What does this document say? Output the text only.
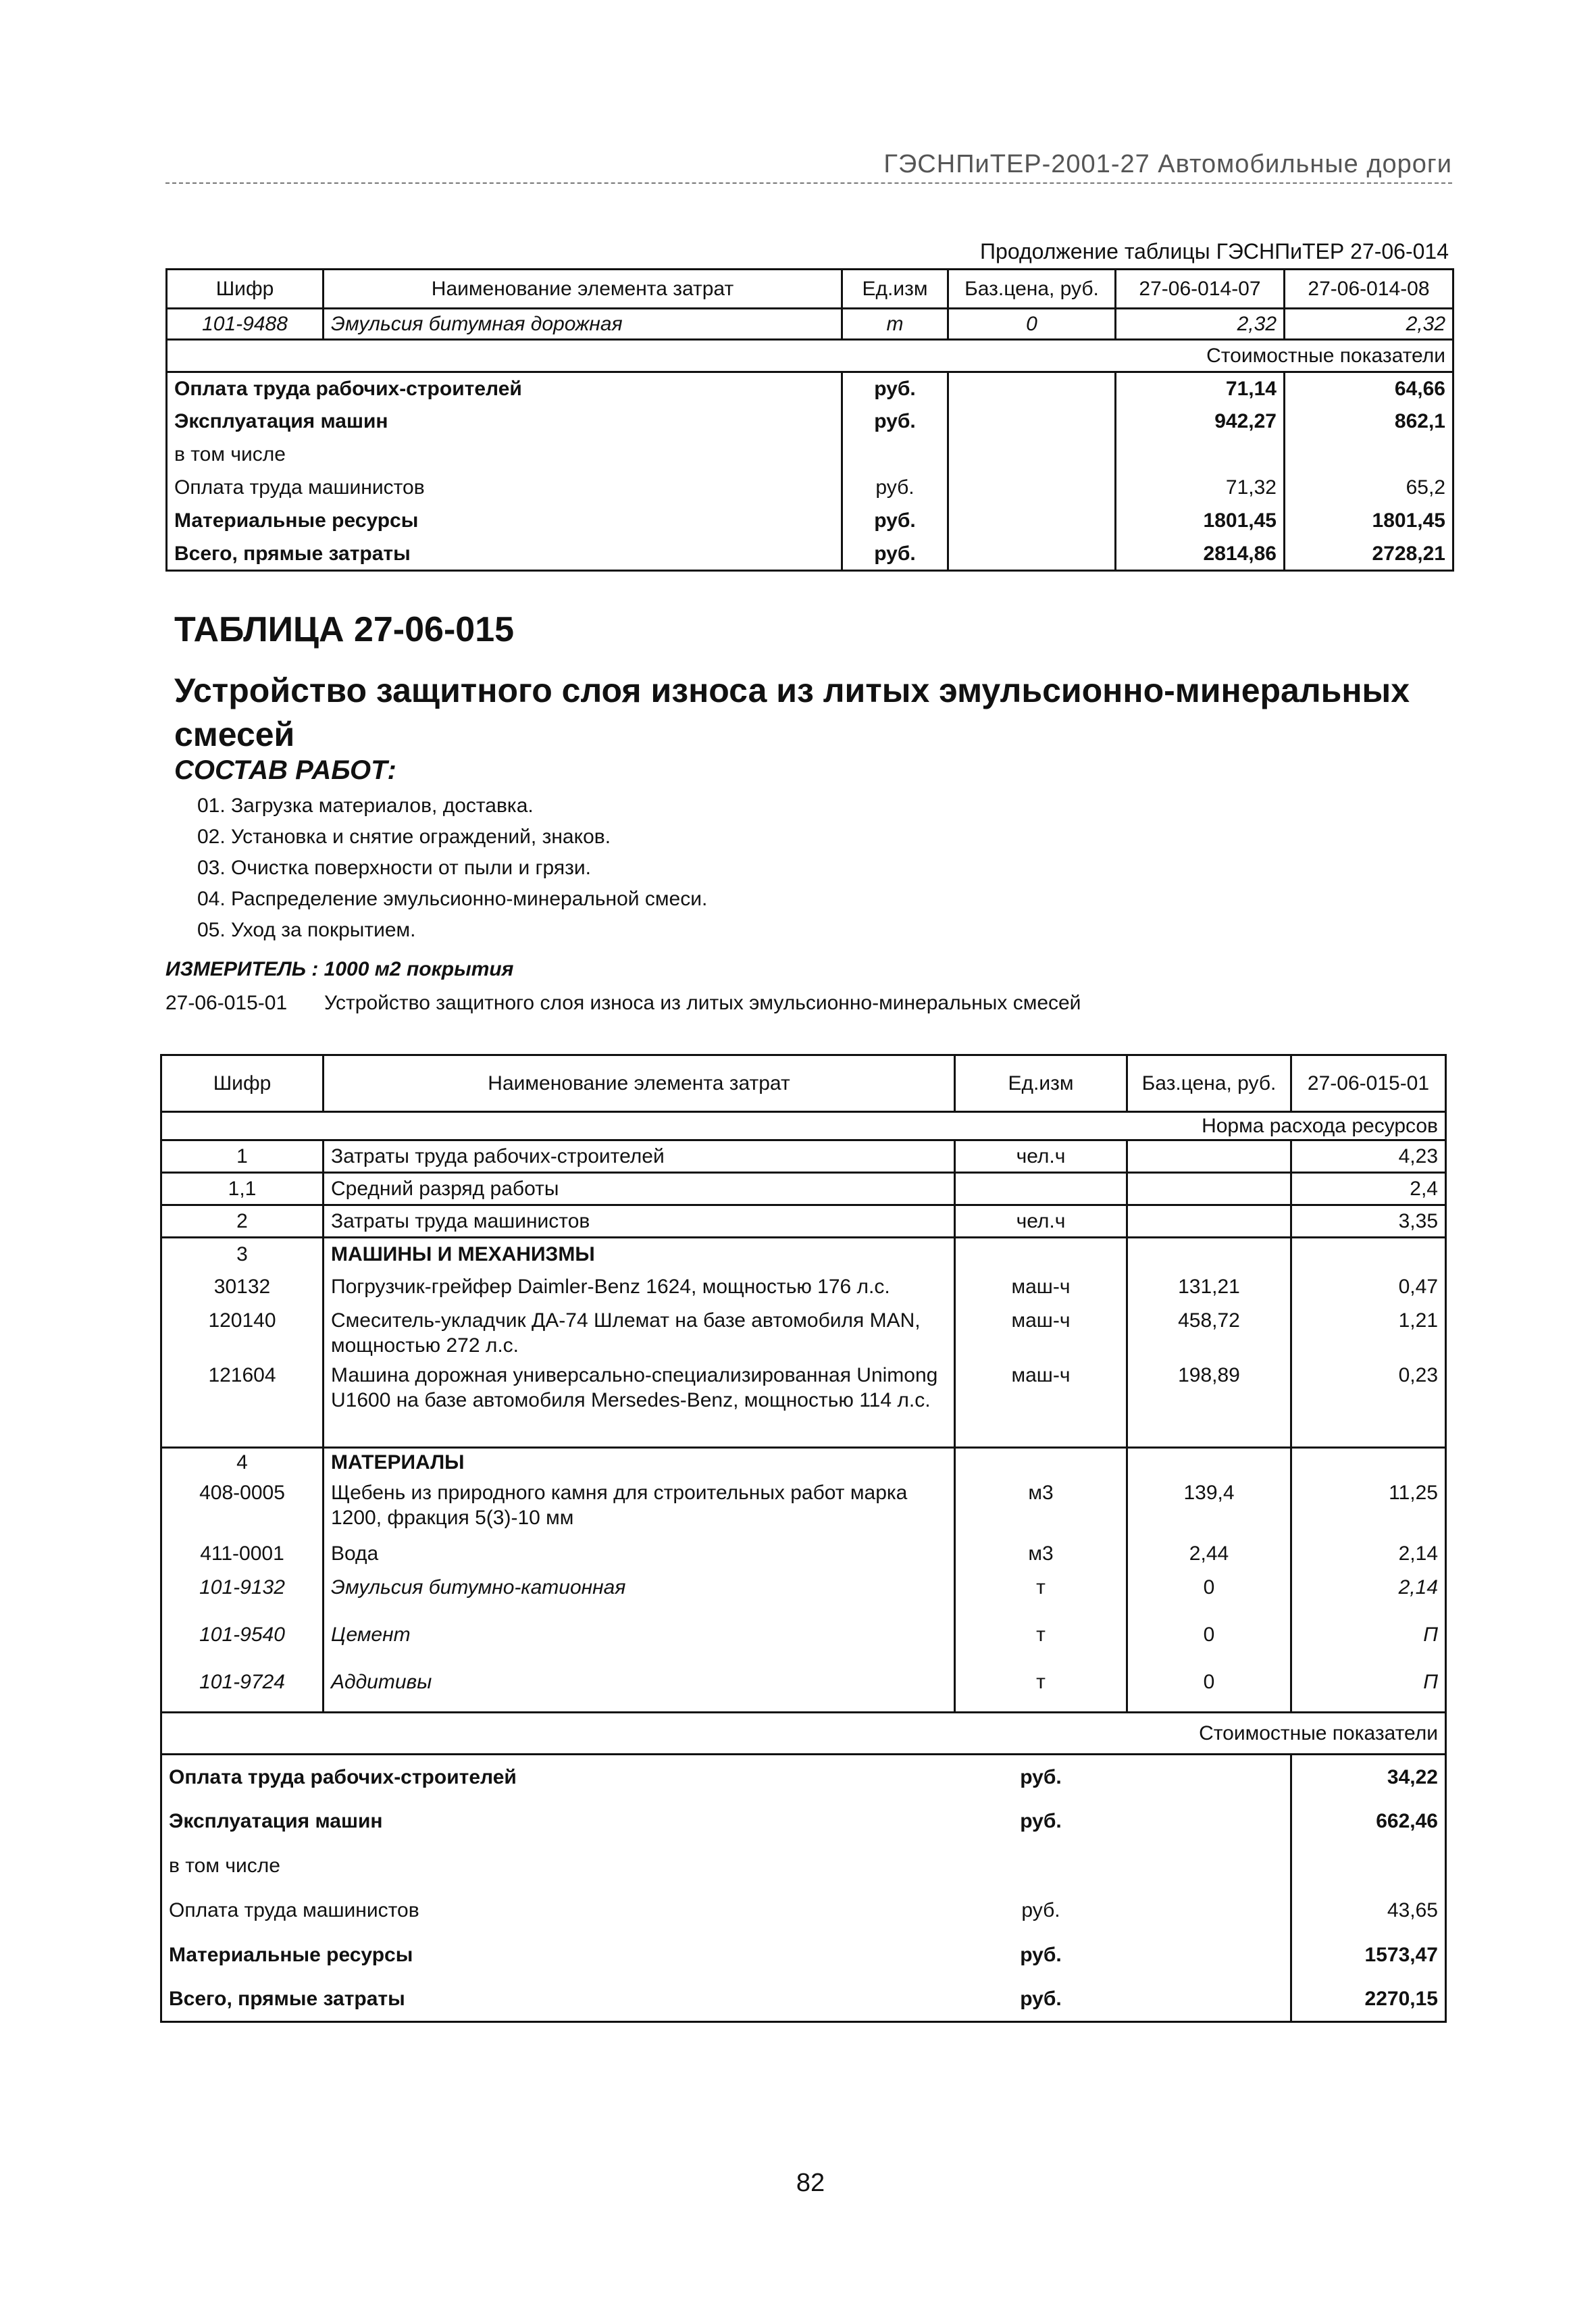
ГЭСНПиТЕР-2001-27 Автомобильные дороги
Продолжение таблицы ГЭСНПиТЕР 27-06-014
Шифр	Наименование элемента затрат	Ед.изм	Баз.цена, руб.	27-06-014-07	27-06-014-08
101-9488	Эмульсия битумная дорожная	т	0	2,32	2,32
Стоимостные показатели					
Оплата труда рабочих-строителей		руб.		71,14	64,66
Эксплуатация машин		руб.		942,27	862,1
в том числе					
Оплата труда машинистов		руб.		71,32	65,2
Материальные ресурсы		руб.		1801,45	1801,45
Всего, прямые затраты		руб.		2814,86	2728,21
ТАБЛИЦА 27-06-015
Устройство защитного слоя износа из литых эмульсионно-минеральных смесей
СОСТАВ РАБОТ:
01. Загрузка материалов, доставка.
02. Установка и снятие ограждений, знаков.
03. Очистка поверхности от пыли и грязи.
04. Распределение эмульсионно-минеральной смеси.
05. Уход за покрытием.
ИЗМЕРИТЕЛЬ : 1000 м2 покрытия
27-06-015-01 Устройство защитного слоя износа из литых эмульсионно-минеральных смесей
Шифр	Наименование элемента затрат	Ед.изм	Баз.цена, руб.	27-06-015-01
Норма расхода ресурсов				
1	Затраты труда рабочих-строителей	чел.ч		4,23
1,1	Средний разряд работы			2,4
2	Затраты труда машинистов	чел.ч		3,35
3	МАШИНЫ И МЕХАНИЗМЫ			
30132	Погрузчик-грейфер Daimler-Benz 1624, мощностью 176 л.с.	маш-ч	131,21	0,47
120140	Смеситель-укладчик ДА-74 Шлемат на базе автомобиля MAN, мощностью 272 л.с.	маш-ч	458,72	1,21
121604	Машина дорожная универсально-специализированная Unimong U1600 на базе автомобиля Mersedes-Benz, мощностью 114 л.с.	маш-ч	198,89	0,23
4	МАТЕРИАЛЫ			
408-0005	Щебень из природного камня для строительных работ марка 1200, фракция 5(3)-10 мм	м3	139,4	11,25
411-0001	Вода	м3	2,44	2,14
101-9132	Эмульсия битумно-катионная	т	0	2,14
101-9540	Цемент	т	0	П
101-9724	Аддитивы	т	0	П
Стоимостные показатели				
Оплата труда рабочих-строителей		руб.		34,22
Эксплуатация машин		руб.		662,46
в том числе				
Оплата труда машинистов		руб.		43,65
Материальные ресурсы		руб.		1573,47
Всего, прямые затраты		руб.		2270,15
82
